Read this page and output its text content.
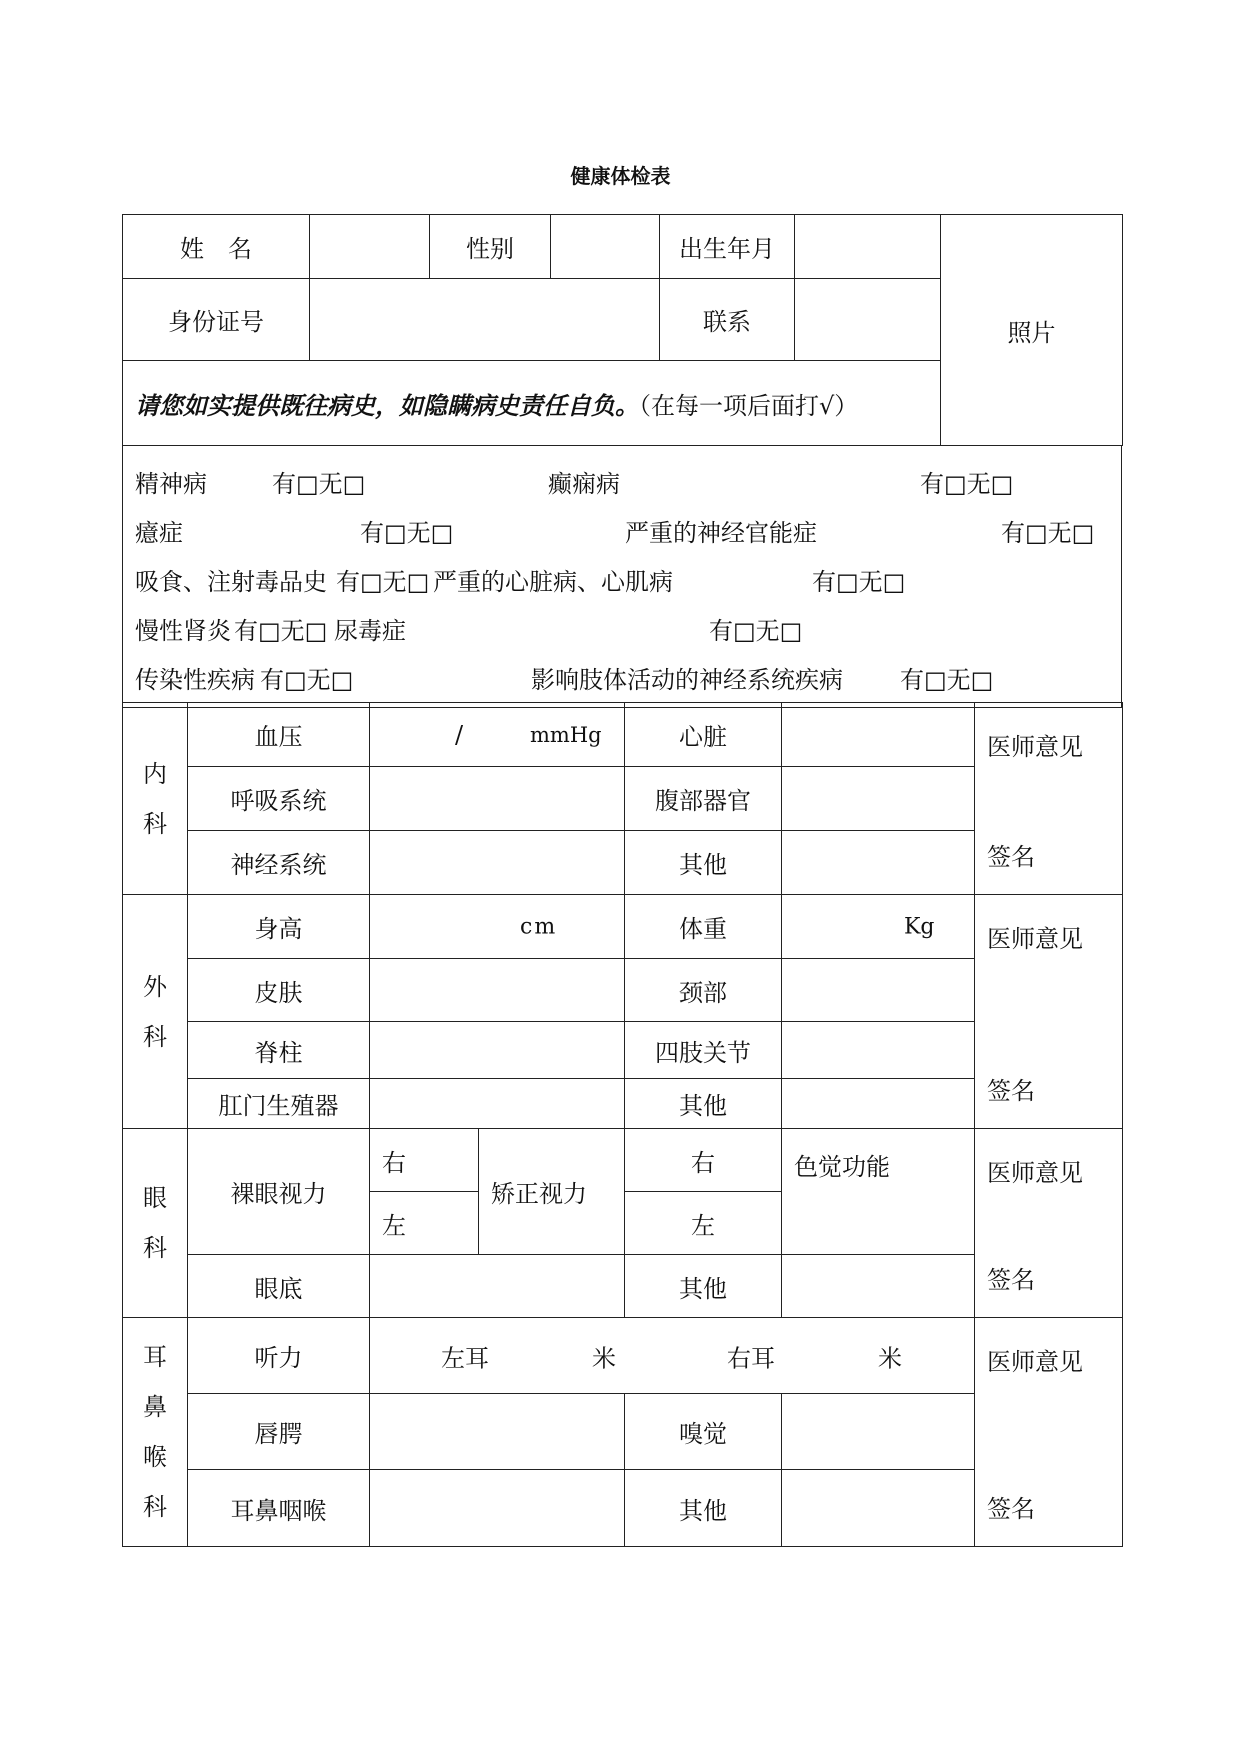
健康体检表
姓　名		性别		出生年月		照片
身份证号				联系		
请您如实提供既往病史，如隐瞒病史责任自负。（在每一项后面打√）						
精神病	有□无□	癫痫病	有□无□
癔症	有□无□	严重的神经官能症	有□无□
吸食、注射毒品史 有□无□ 严重的心脏病、心肌病	有□无□
慢性肾炎 有□无□ 尿毒症	有□无□
传染性疾病 有□无□	影响肢体活动的神经系统疾病 有□无□
内
科	血压	/ mmHg		心脏		医师意见
签名

	呼吸系统			腹部器官		
	神经系统			其他		

外
科	身高	cm		体重	Kg	医师意见
签名

	皮肤			颈部		
	脊柱			四肢关节		
	肛门生殖器			其他		

眼
科	裸眼视力	右	矫正视力	右	色觉功能	医师意见
签名

		左		左		
	眼底			其他		

耳
鼻
喉
科	听力	左耳 米 右耳 米				医师意见
签名

	唇腭			嗅觉		
	耳鼻咽喉			其他		
